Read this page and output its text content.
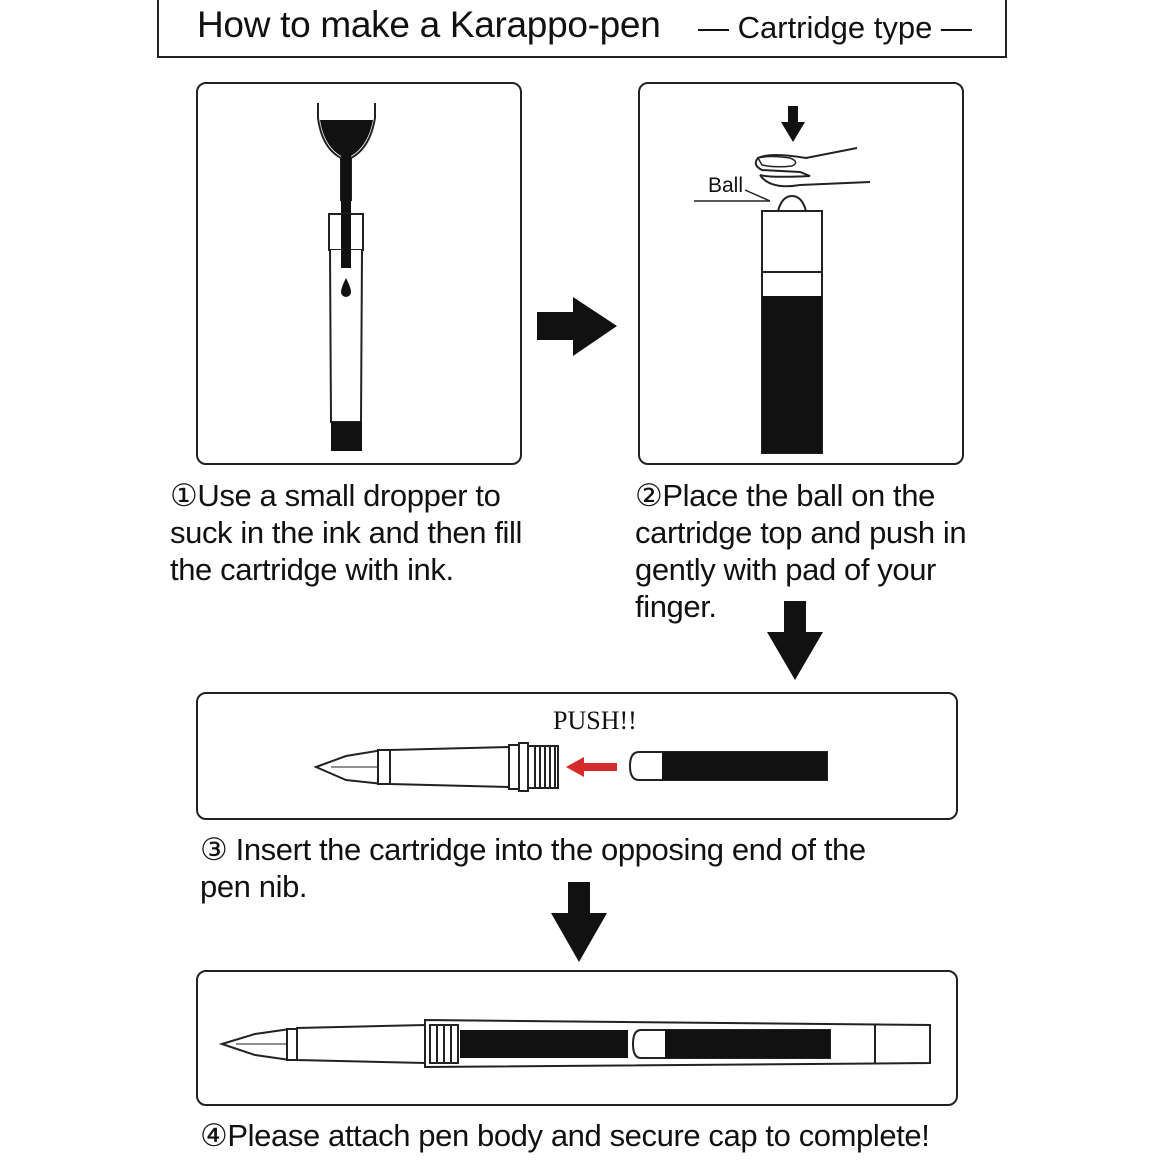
How to make a Karappo-pen — Cartridge type —
Ball
PUSH!!
①Use a small dropper to
suck in the ink and then fill
the cartridge with ink.
②Place the ball on the
cartridge top and push in
gently with pad of your
finger.
③ Insert the cartridge into the opposing end of the
pen nib.
④Please attach pen body and secure cap to complete!
